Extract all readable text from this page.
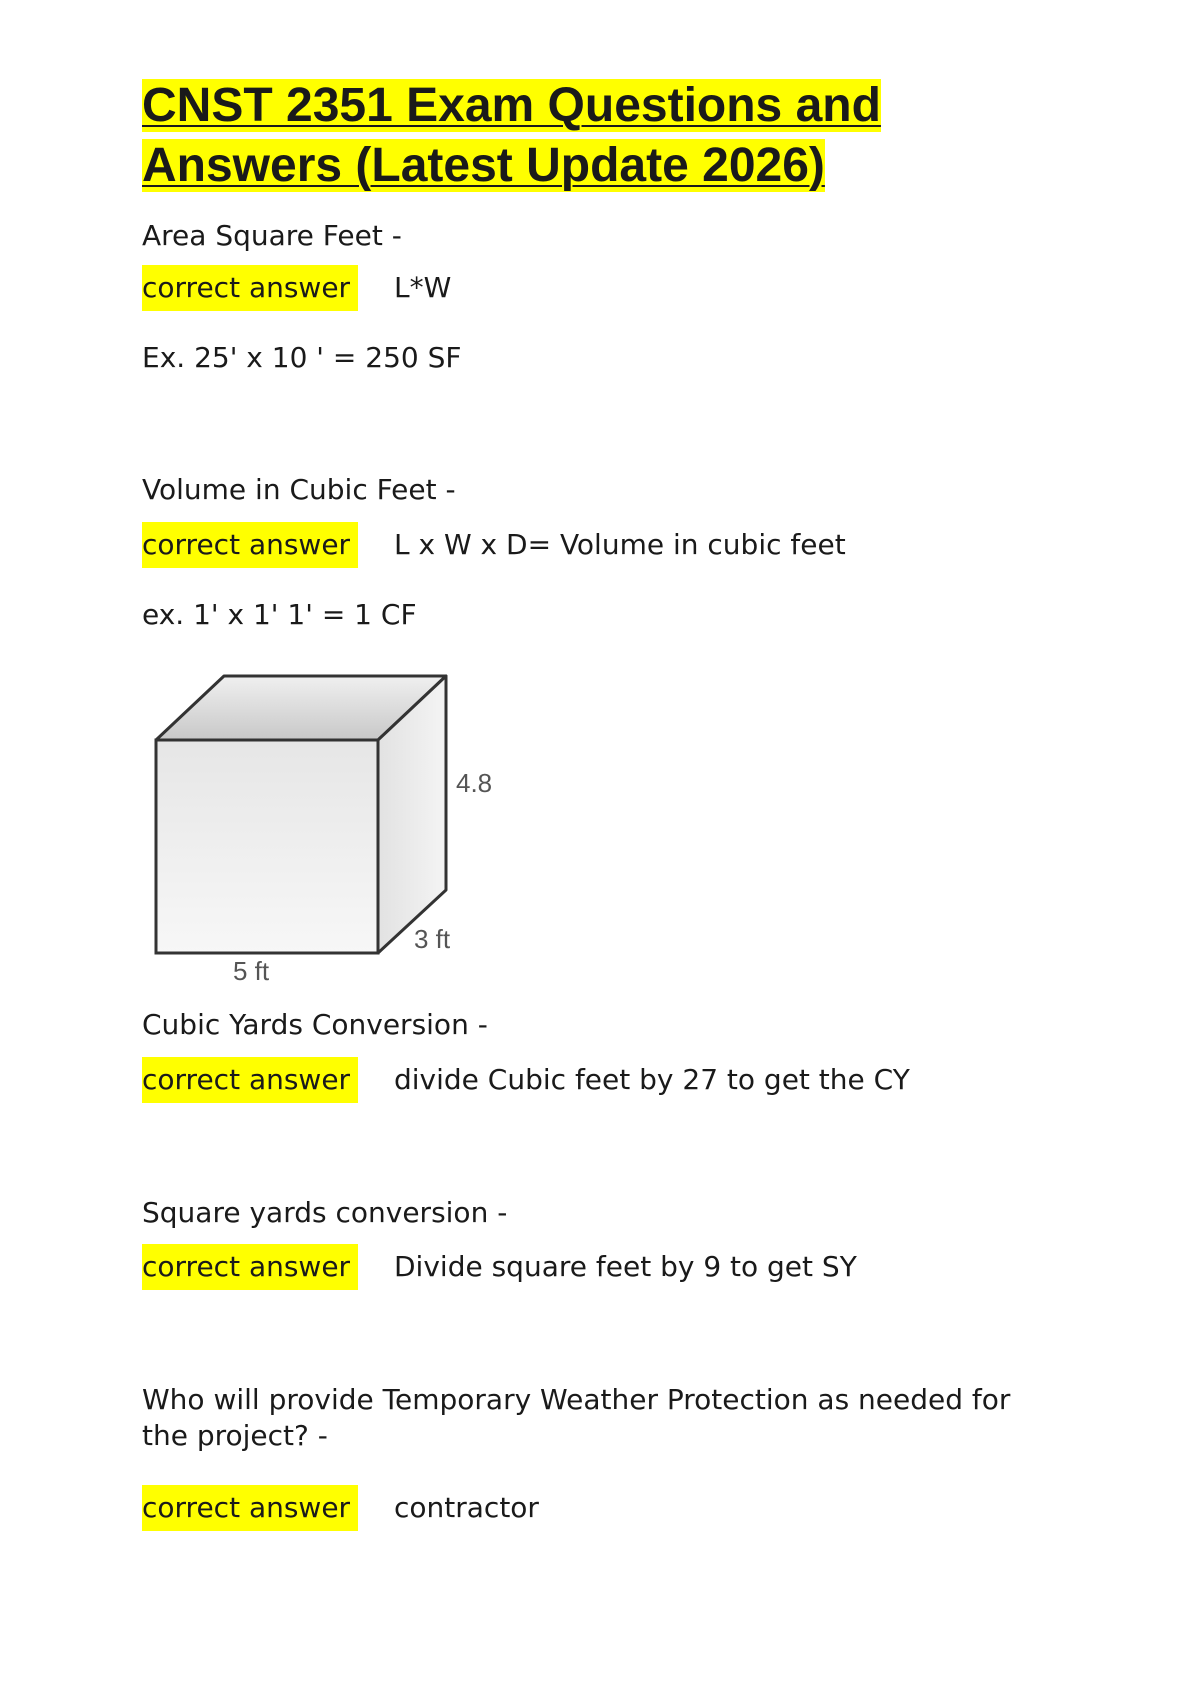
CNST 2351 Exam Questions and
Answers (Latest Update 2026)

Area Square Feet -

correct answer L*W

Ex. 25' x 10 ' = 250 SF

Volume in Cubic Feet -

correct answer L x W x D= Volume in cubic feet

ex. 1' x 1' 1' = 1 CF

4.8
3 ft
5 ft

Cubic Yards Conversion -

correct answer divide Cubic feet by 27 to get the CY

Square yards conversion -

correct answer Divide square feet by 9 to get SY

Who will provide Temporary Weather Protection as needed for the project? -

correct answer contractor
